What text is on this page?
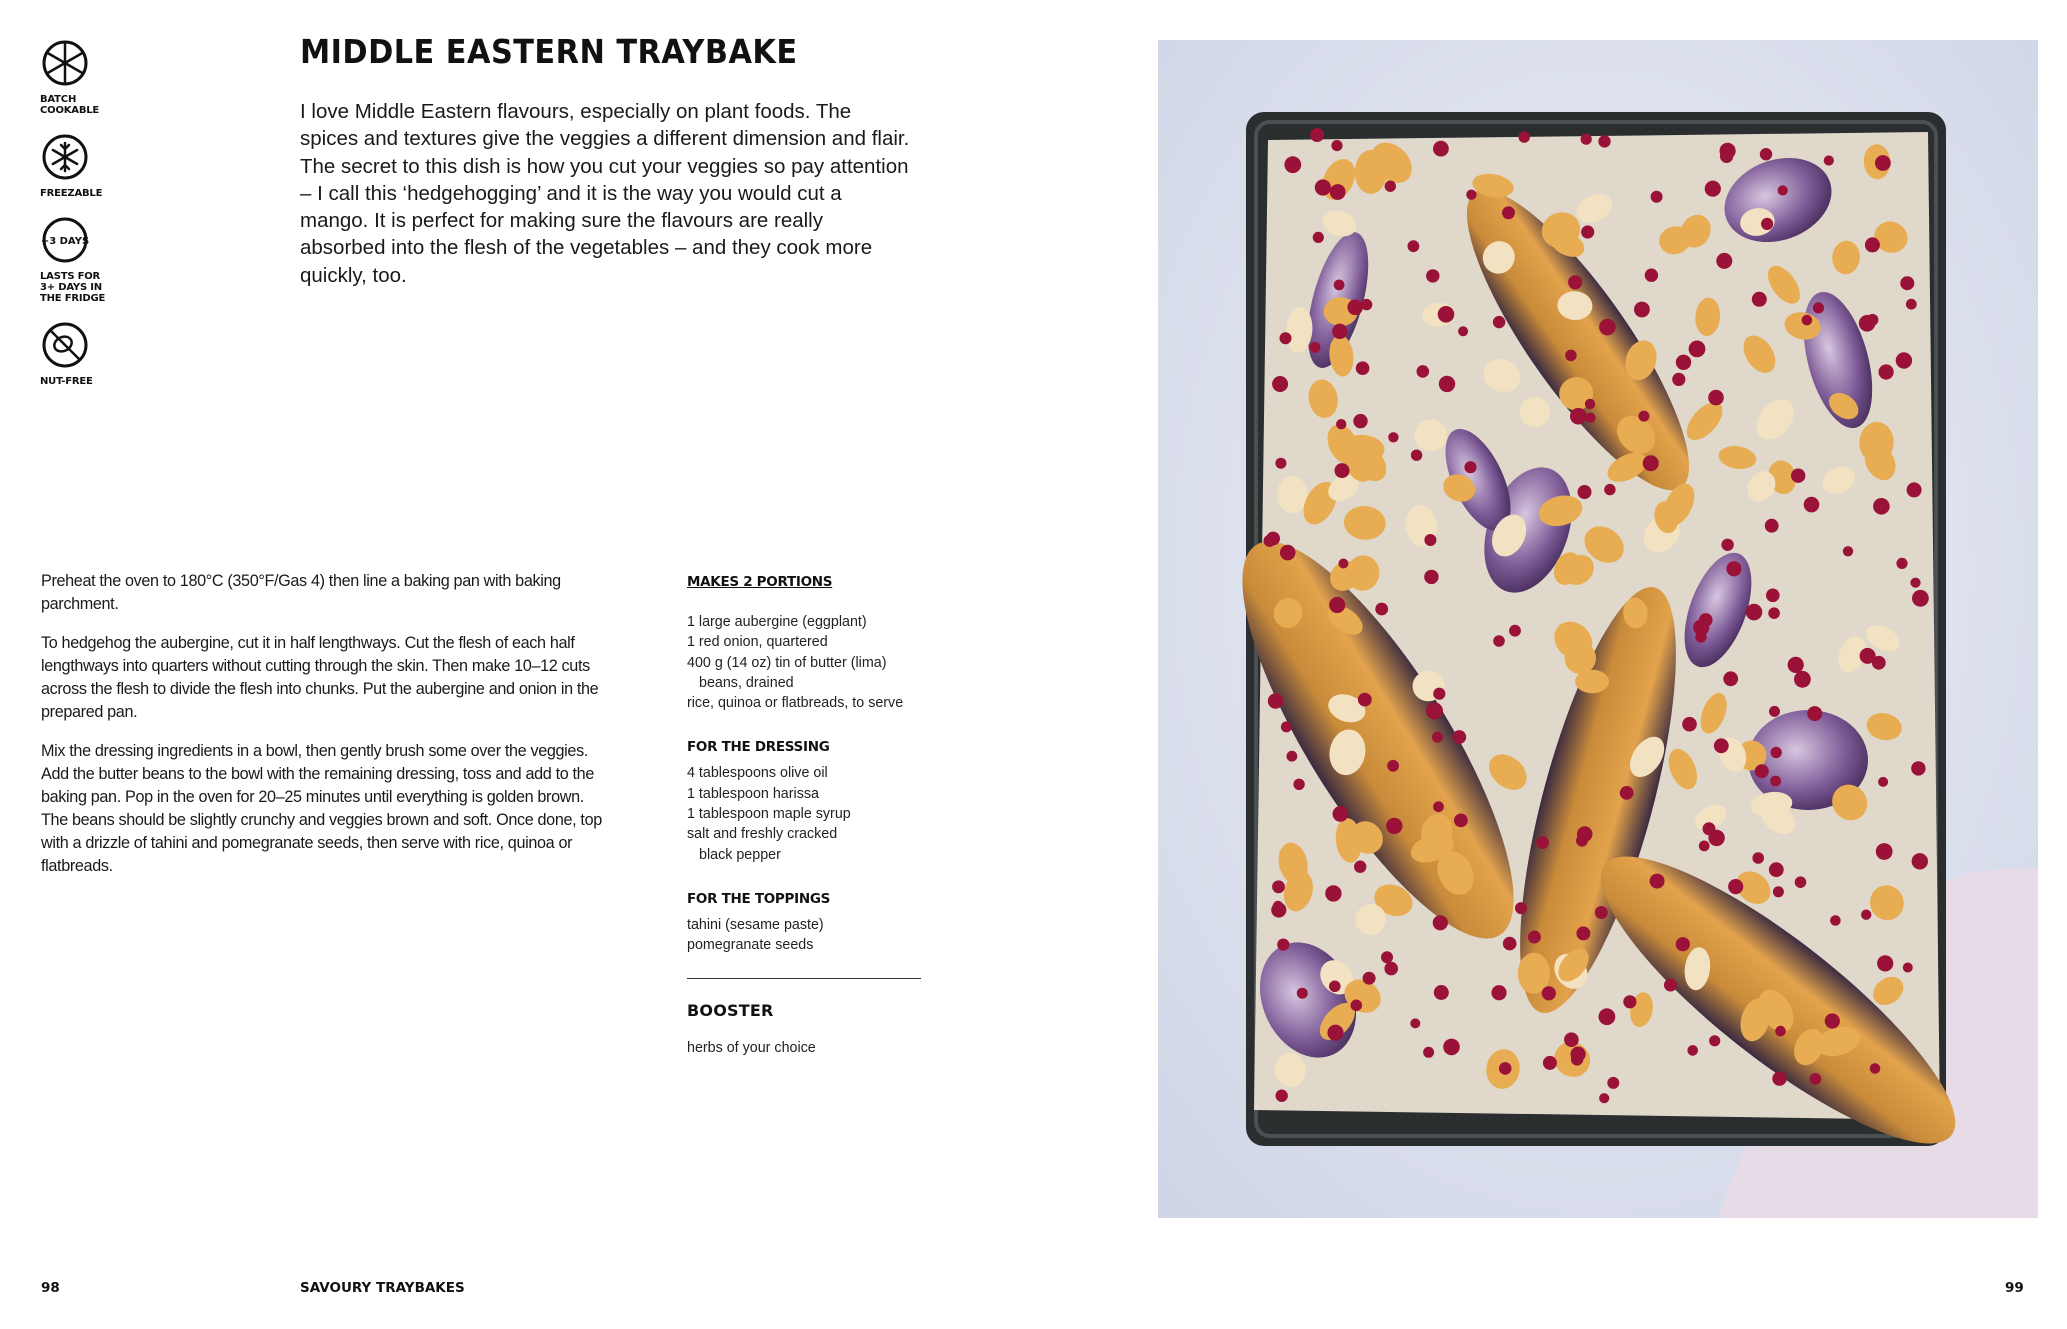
BATCH COOKABLE
FREEZABLE
+3 DAYS
LASTS FOR 3+ DAYS IN THE FRIDGE
NUT-FREE
MIDDLE EASTERN TRAYBAKE

I love Middle Eastern flavours, especially on plant foods. The spices and textures give the veggies a different dimension and flair. The secret to this dish is how you cut your veggies so pay attention – I call this ‘hedgehogging’ and it is the way you would cut a mango. It is perfect for making sure the flavours are really absorbed into the flesh of the vegetables – and they cook more quickly, too.

Preheat the oven to 180°C (350°F/Gas 4) then line a baking pan with baking parchment.

To hedgehog the aubergine, cut it in half lengthways. Cut the flesh of each half lengthways into quarters without cutting through the skin. Then make 10–12 cuts across the flesh to divide the flesh into chunks. Put the aubergine and onion in the prepared pan.

Mix the dressing ingredients in a bowl, then gently brush some over the veggies. Add the butter beans to the bowl with the remaining dressing, toss and add to the baking pan. Pop in the oven for 20–25 minutes until everything is golden brown. The beans should be slightly crunchy and veggies brown and soft. Once done, top with a drizzle of tahini and pomegranate seeds, then serve with rice, quinoa or flatbreads.

MAKES 2 PORTIONS
1 large aubergine (eggplant)
1 red onion, quartered
400 g (14 oz) tin of butter (lima)
beans, drained
rice, quinoa or flatbreads, to serve
FOR THE DRESSING
4 tablespoons olive oil
1 tablespoon harissa
1 tablespoon maple syrup
salt and freshly cracked
black pepper
FOR THE TOPPINGS
tahini (sesame paste)
pomegranate seeds
BOOSTER
herbs of your choice
98	SAVOURY TRAYBAKES	99
